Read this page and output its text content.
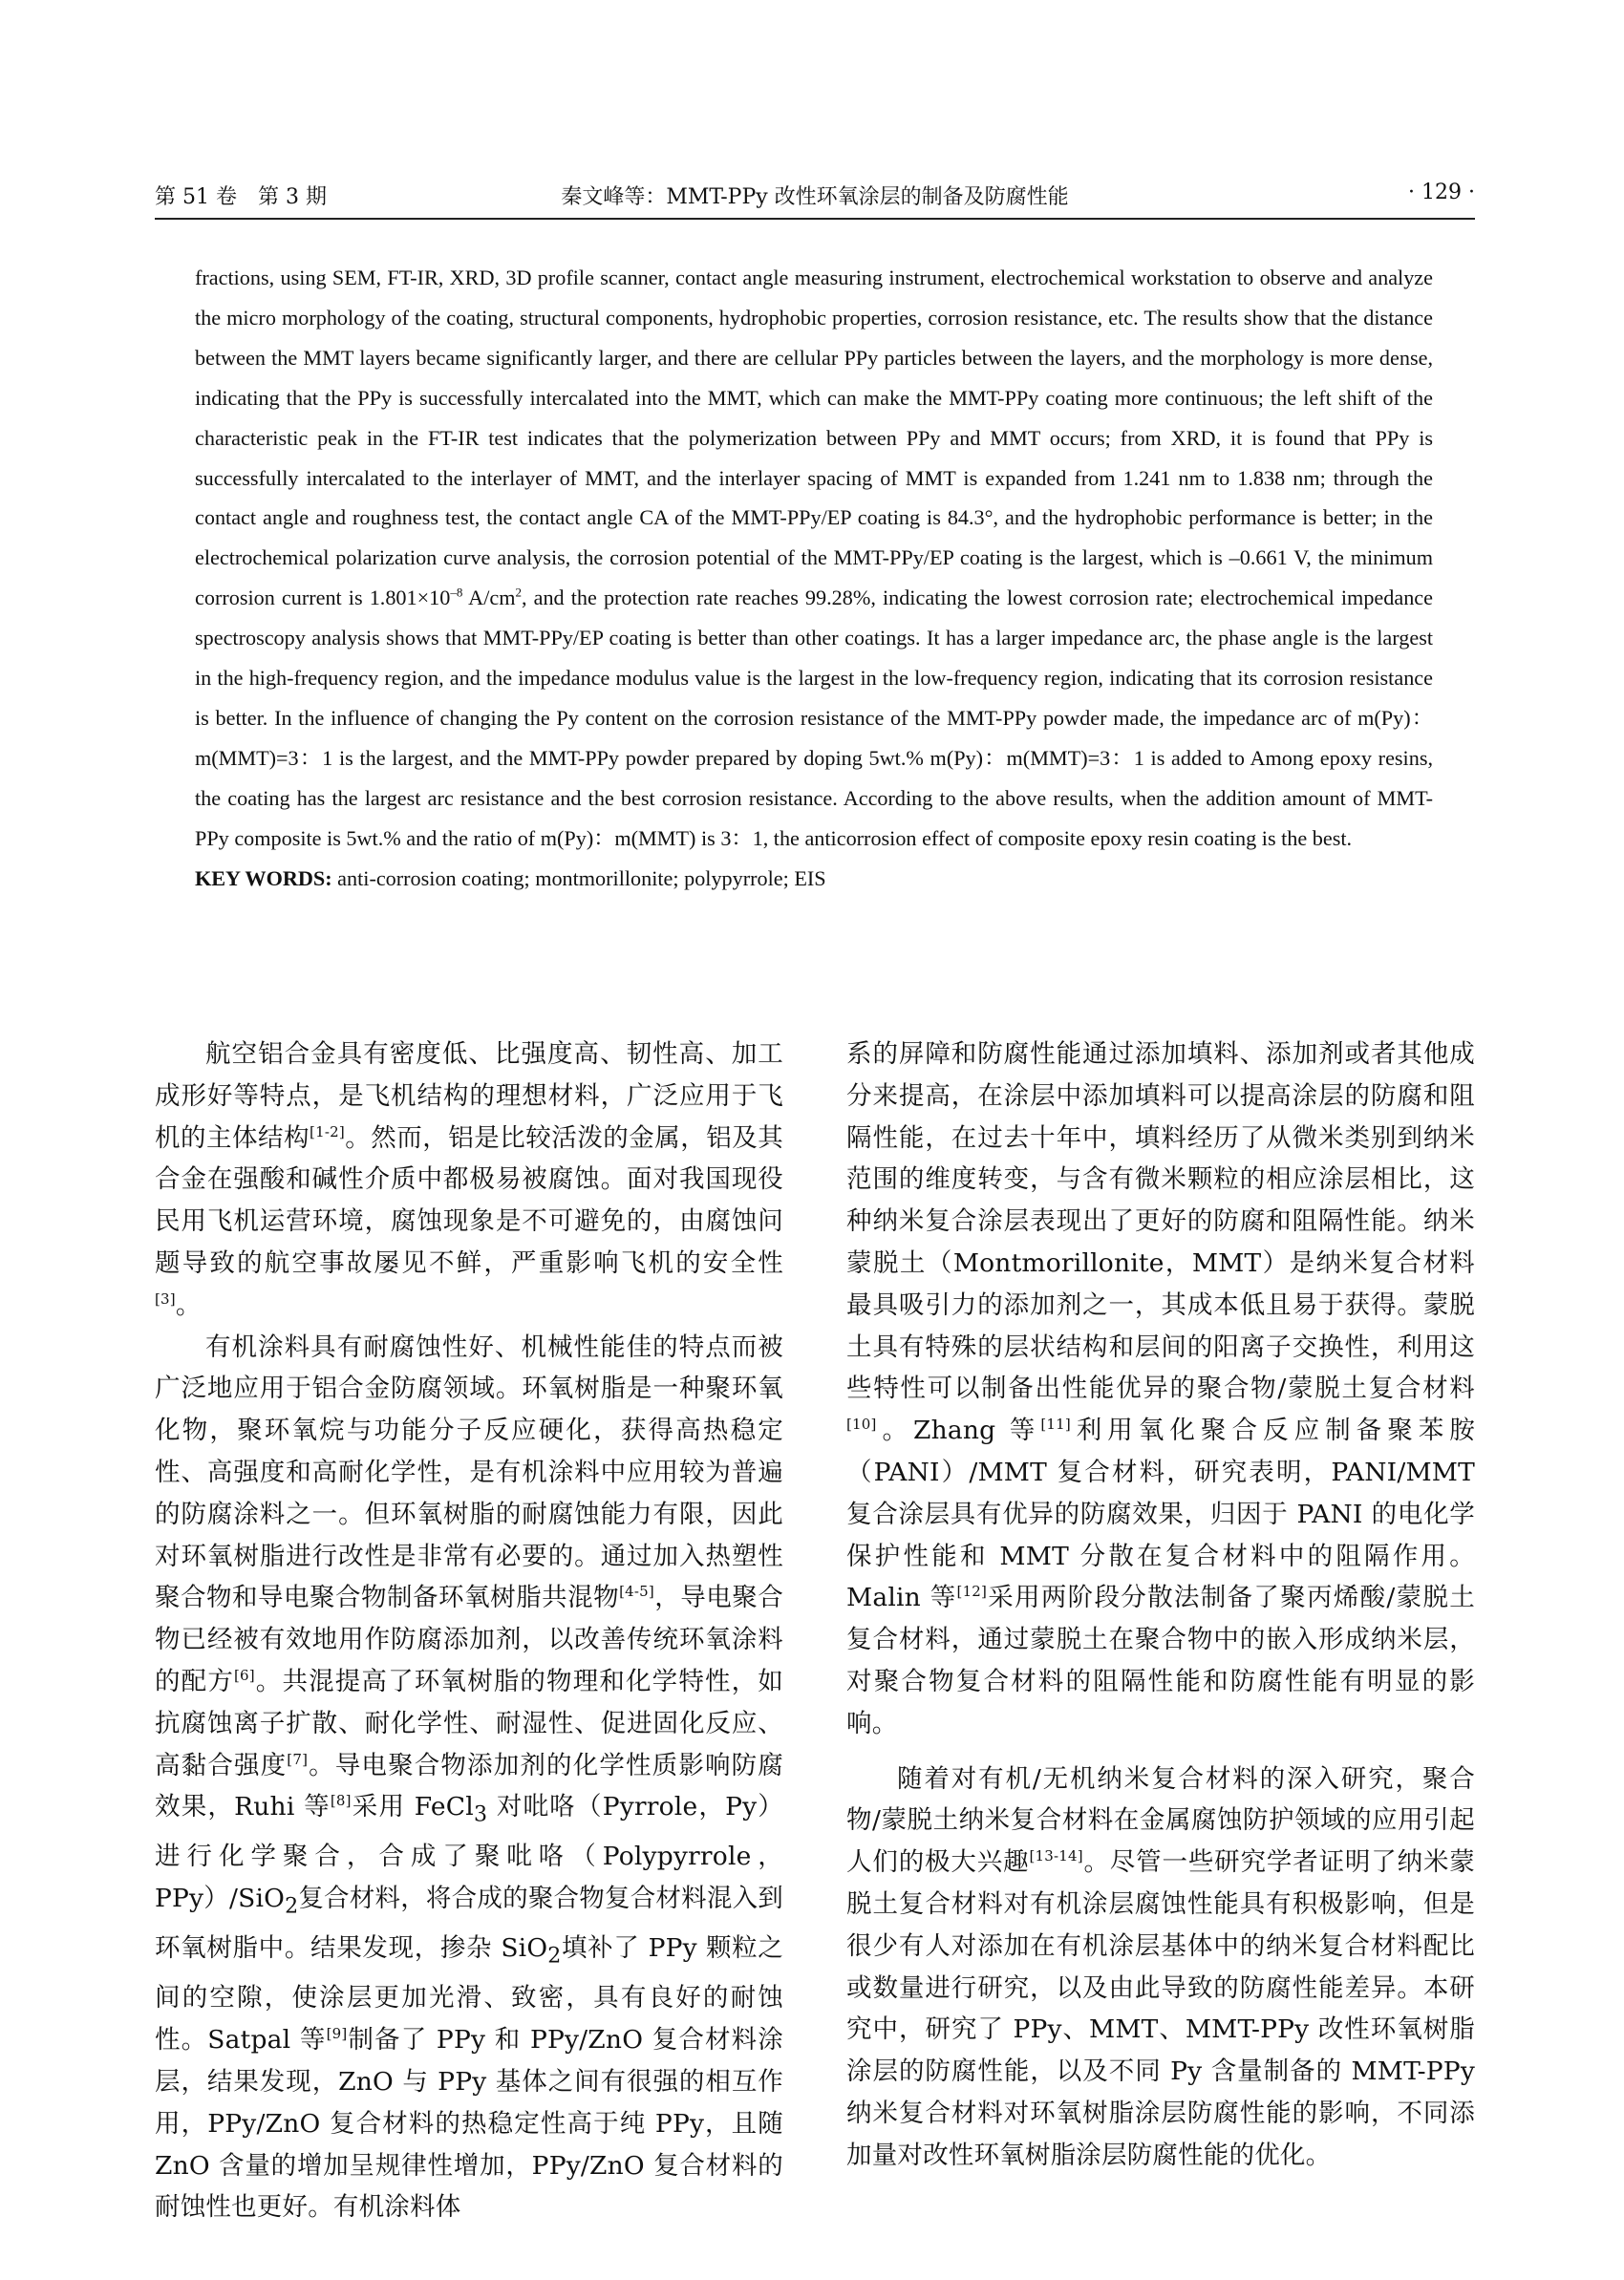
第 51 卷　第 3 期	秦文峰等：MMT-PPy 改性环氧涂层的制备及防腐性能	· 129 ·
fractions, using SEM, FT-IR, XRD, 3D profile scanner, contact angle measuring instrument, electrochemical workstation to observe and analyze the micro morphology of the coating, structural components, hydrophobic properties, corrosion resistance, etc. The results show that the distance between the MMT layers became significantly larger, and there are cellular PPy particles between the layers, and the morphology is more dense, indicating that the PPy is successfully intercalated into the MMT, which can make the MMT-PPy coating more continuous; the left shift of the characteristic peak in the FT-IR test indicates that the polymerization between PPy and MMT occurs; from XRD, it is found that PPy is successfully intercalated to the interlayer of MMT, and the interlayer spacing of MMT is expanded from 1.241 nm to 1.838 nm; through the contact angle and roughness test, the contact angle CA of the MMT-PPy/EP coating is 84.3°, and the hydrophobic performance is better; in the electrochemical polarization curve analysis, the corrosion potential of the MMT-PPy/EP coating is the largest, which is –0.661 V, the minimum corrosion current is $1.801\times 10^{-8}$ $A/cm^2$, and the protection rate reaches 99.28%, indicating the lowest corrosion rate; electrochemical impedance spectroscopy analysis shows that MMT-PPy/EP coating is better than other coatings. It has a larger impedance arc, the phase angle is the largest in the high-frequency region, and the impedance modulus value is the largest in the low-frequency region, indicating that its corrosion resistance is better. In the influence of changing the Py content on the corrosion resistance of the MMT-PPy powder made, the impedance arc of m(Py)：m(MMT)=3：1 is the largest, and the MMT-PPy powder prepared by doping 5wt.% m(Py)：m(MMT)=3：1 is added to Among epoxy resins, the coating has the largest arc resistance and the best corrosion resistance. According to the above results, when the addition amount of MMT-PPy composite is 5wt.% and the ratio of m(Py)：m(MMT) is 3：1, the anticorrosion effect of composite epoxy resin coating is the best.
KEY WORDS: anti-corrosion coating; montmorillonite; polypyrrole; EIS

航空铝合金具有密度低、比强度高、韧性高、加工成形好等特点，是飞机结构的理想材料，广泛应用于飞机的主体结构[1-2]。然而，铝是比较活泼的金属，铝及其合金在强酸和碱性介质中都极易被腐蚀。面对我国现役民用飞机运营环境，腐蚀现象是不可避免的，由腐蚀问题导致的航空事故屡见不鲜，严重影响飞机的安全性[3]。

有机涂料具有耐腐蚀性好、机械性能佳的特点而被广泛地应用于铝合金防腐领域。环氧树脂是一种聚环氧化物，聚环氧烷与功能分子反应硬化，获得高热稳定性、高强度和高耐化学性，是有机涂料中应用较为普遍的防腐涂料之一。但环氧树脂的耐腐蚀能力有限，因此对环氧树脂进行改性是非常有必要的。通过加入热塑性聚合物和导电聚合物制备环氧树脂共混物[4-5]，导电聚合物已经被有效地用作防腐添加剂，以改善传统环氧涂料的配方[6]。共混提高了环氧树脂的物理和化学特性，如抗腐蚀离子扩散、耐化学性、耐湿性、促进固化反应、高黏合强度[7]。导电聚合物添加剂的化学性质影响防腐效果，Ruhi 等[8]采用 FeCl$_3$ 对吡咯（Pyrrole，Py）进行化学聚合，合成了聚吡咯（Polypyrrole，PPy）/SiO$_2$复合材料，将合成的聚合物复合材料混入到环氧树脂中。结果发现，掺杂 SiO$_2$填补了 PPy 颗粒之间的空隙，使涂层更加光滑、致密，具有良好的耐蚀性。Satpal 等[9]制备了 PPy 和 PPy/ZnO 复合材料涂层，结果发现，ZnO 与 PPy 基体之间有很强的相互作用，PPy/ZnO 复合材料的热稳定性高于纯 PPy，且随 ZnO 含量的增加呈规律性增加，PPy/ZnO 复合材料的耐蚀性也更好。有机涂料体

系的屏障和防腐性能通过添加填料、添加剂或者其他成分来提高，在涂层中添加填料可以提高涂层的防腐和阻隔性能，在过去十年中，填料经历了从微米类别到纳米范围的维度转变，与含有微米颗粒的相应涂层相比，这种纳米复合涂层表现出了更好的防腐和阻隔性能。纳米蒙脱土（Montmorillonite，MMT）是纳米复合材料最具吸引力的添加剂之一，其成本低且易于获得。蒙脱土具有特殊的层状结构和层间的阳离子交换性，利用这些特性可以制备出性能优异的聚合物/蒙脱土复合材料[10]。Zhang 等[11]利用氧化聚合反应制备聚苯胺（PANI）/MMT 复合材料，研究表明，PANI/MMT 复合涂层具有优异的防腐效果，归因于 PANI 的电化学保护性能和 MMT 分散在复合材料中的阻隔作用。Malin 等[12]采用两阶段分散法制备了聚丙烯酸/蒙脱土复合材料，通过蒙脱土在聚合物中的嵌入形成纳米层，对聚合物复合材料的阻隔性能和防腐性能有明显的影响。

随着对有机/无机纳米复合材料的深入研究，聚合物/蒙脱土纳米复合材料在金属腐蚀防护领域的应用引起人们的极大兴趣[13-14]。尽管一些研究学者证明了纳米蒙脱土复合材料对有机涂层腐蚀性能具有积极影响，但是很少有人对添加在有机涂层基体中的纳米复合材料配比或数量进行研究，以及由此导致的防腐性能差异。本研究中，研究了 PPy、MMT、MMT-PPy 改性环氧树脂涂层的防腐性能，以及不同 Py 含量制备的 MMT-PPy 纳米复合材料对环氧树脂涂层防腐性能的影响，不同添加量对改性环氧树脂涂层防腐性能的优化。
